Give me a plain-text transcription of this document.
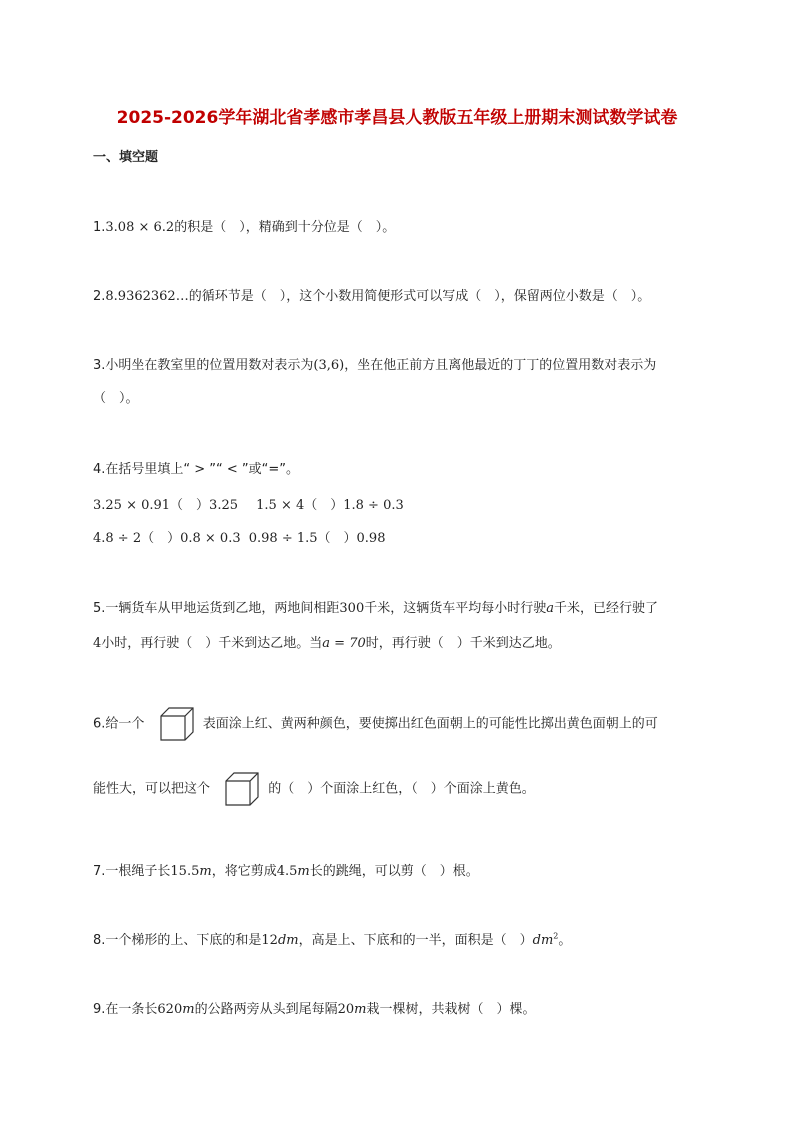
2025-2026学年湖北省孝感市孝昌县人教版五年级上册期末测试数学试卷
一、填空题
1.3.08 × 6.2的积是（　），精确到十分位是（　）。
2.8.9362362…的循环节是（　），这个小数用简便形式可以写成（　），保留两位小数是（　）。
3.小明坐在教室里的位置用数对表示为(3,6)，坐在他正前方且离他最近的丁丁的位置用数对表示为
（　）。
4.在括号里填上“ > ”“ < ”或“=”。
3.25 × 0.91（　）3.25 1.5 × 4（　）1.8 ÷ 0.3
4.8 ÷ 2（　）0.8 × 0.3 0.98 ÷ 1.5（　）0.98
5.一辆货车从甲地运货到乙地，两地间相距300千米，这辆货车平均每小时行驶a千米，已经行驶了
4小时，再行驶（　）千米到达乙地。当a = 70时，再行驶（　）千米到达乙地。
6.给一个	表面涂上红、黄两种颜色，要使掷出红色面朝上的可能性比掷出黄色面朝上的可
能性大，可以把这个	的（　）个面涂上红色，（　）个面涂上黄色。
7.一根绳子长15.5m，将它剪成4.5m长的跳绳，可以剪（　）根。
8.一个梯形的上、下底的和是12dm，高是上、下底和的一半，面积是（　）$dm^2$。
9.在一条长620m的公路两旁从头到尾每隔20m栽一棵树，共栽树（　）棵。
